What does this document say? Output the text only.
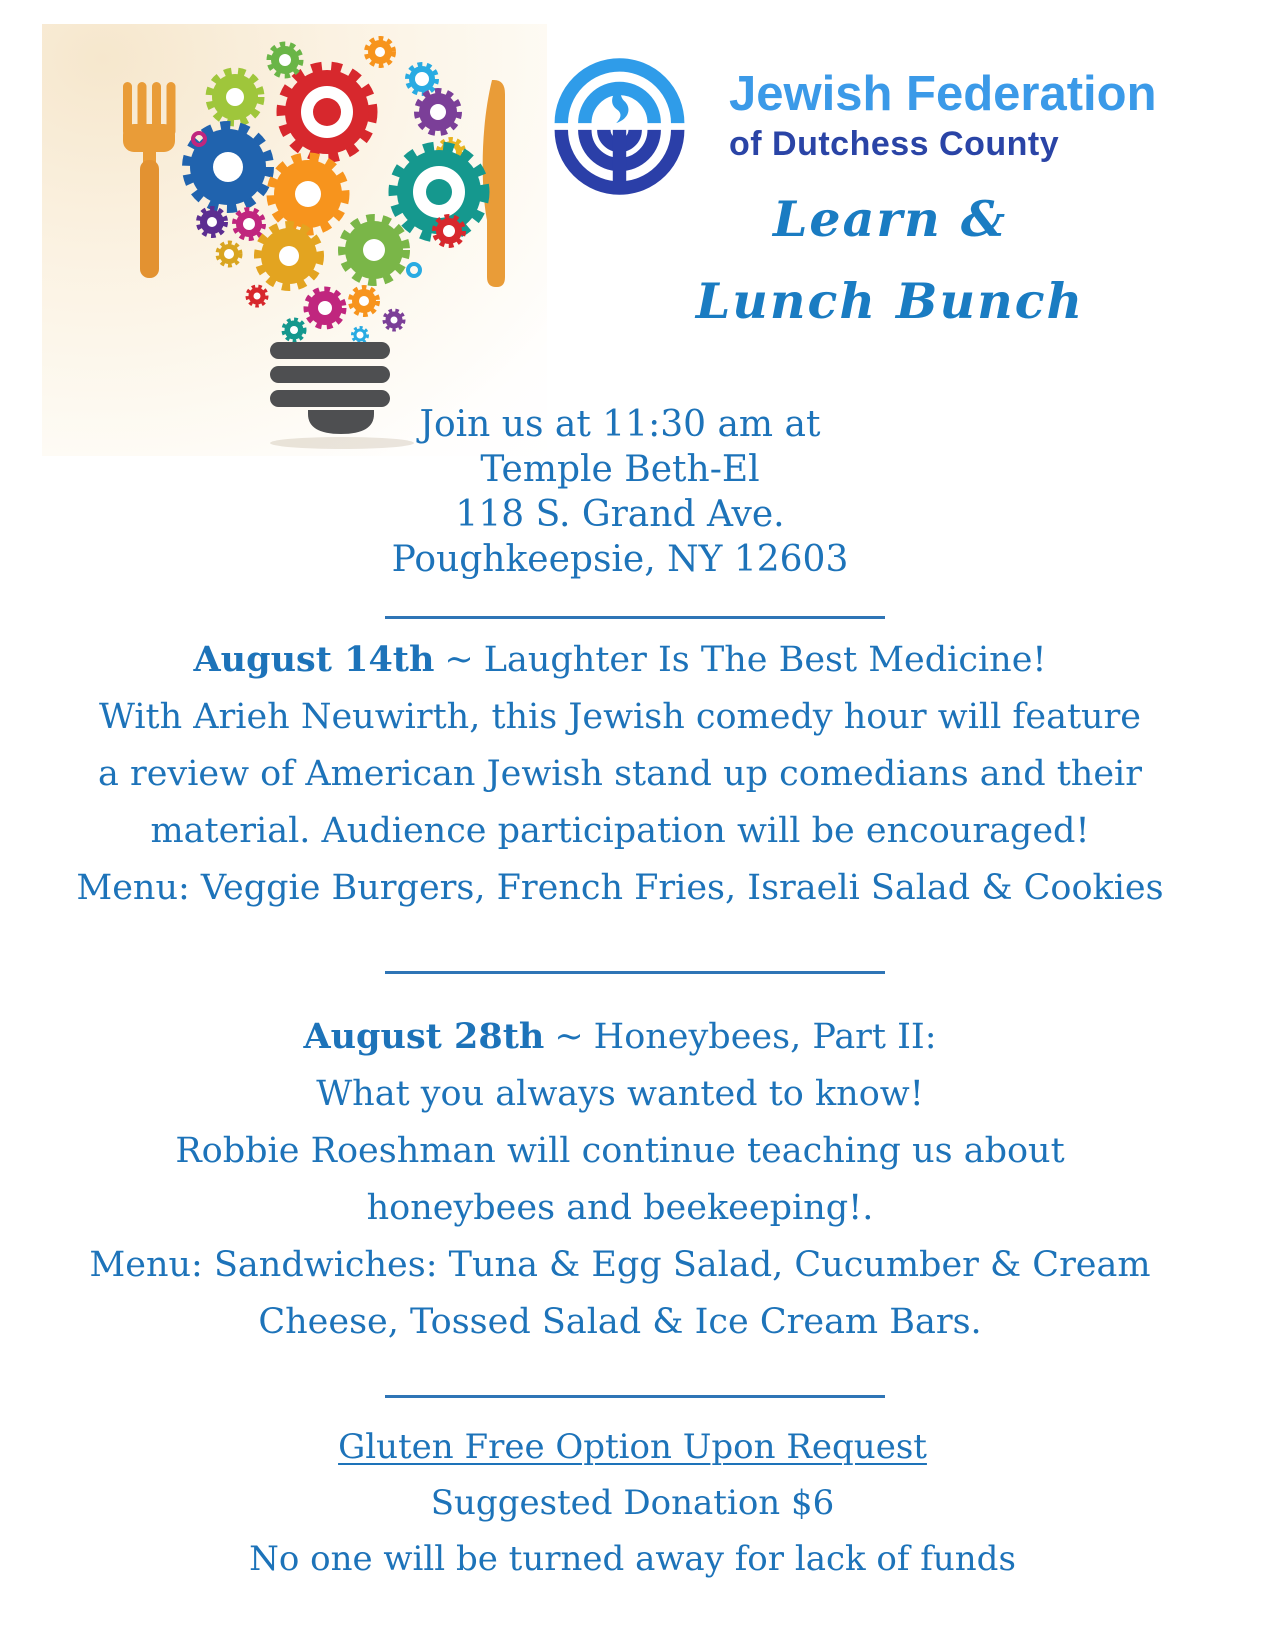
Jewish Federation
of Dutchess County
Learn &
Lunch Bunch
Join us at 11:30 am at
Temple Beth-El
118 S. Grand Ave.
Poughkeepsie, NY 12603
August 14th ~ Laughter Is The Best Medicine!
With Arieh Neuwirth, this Jewish comedy hour will feature
a review of American Jewish stand up comedians and their
material. Audience participation will be encouraged!
Menu: Veggie Burgers, French Fries, Israeli Salad & Cookies
August 28th ~ Honeybees, Part II:
What you always wanted to know!
Robbie Roeshman will continue teaching us about
honeybees and beekeeping!.
Menu: Sandwiches: Tuna & Egg Salad, Cucumber & Cream
Cheese, Tossed Salad & Ice Cream Bars.
Gluten Free Option Upon Request
Suggested Donation $6
No one will be turned away for lack of funds
